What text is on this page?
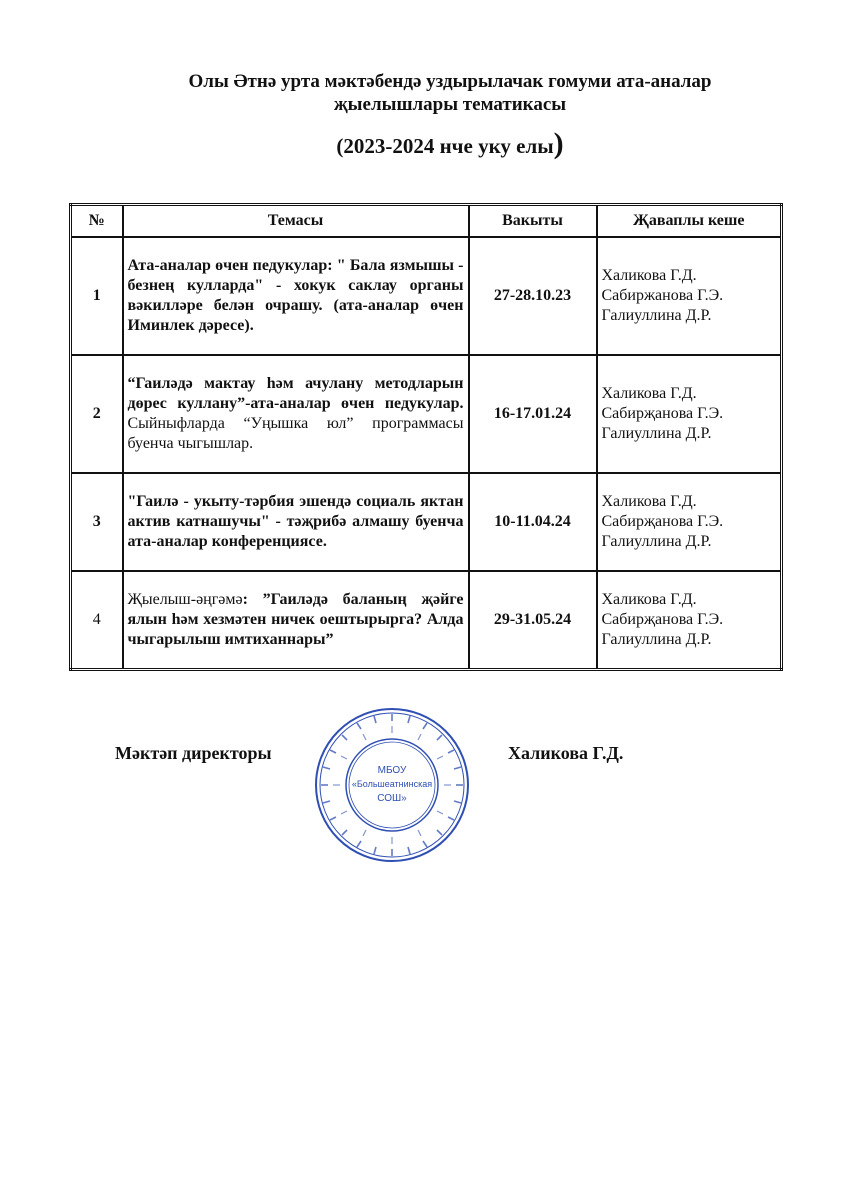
Олы Әтнә урта мәктәбендә уздырылачак гомуми ата-аналар
җыелышлары тематикасы
(2023-2024 нче уку елы)
№	Темасы	Вакыты	Җаваплы кеше
1	Ата-аналар өчен педукулар: " Бала язмышы - безнең кулларда" - хокук саклау органы вәкилләре белән очрашу. (ата-аналар өчен Иминлек дәресе).	27-28.10.23	Халикова Г.Д.
Сабиржанова Г.Э.
Галиуллина Д.Р.

2	“Гаиләдә мактау һәм ачулану методларын дөрес куллану”-ата-аналар өчен педукулар. Сыйныфларда “Уңышка юл” программасы буенча чыгышлар.	16-17.01.24	Халикова Г.Д.
Сабирҗанова Г.Э.
Галиуллина Д.Р.

3	"Гаилә - укыту-тәрбия эшендә социаль яктан актив катнашучы" - тәҗрибә алмашу буенча ата-аналар конференциясе.	10-11.04.24	Халикова Г.Д.
Сабирҗанова Г.Э.
Галиуллина Д.Р.

4	Җыелыш-әңгәмә: ”Гаиләдә баланың җәйге ялын һәм хезмәтен ничек оештырырга? Алда чыгарылыш имтиханнары”	29-31.05.24	Халикова Г.Д.
Сабирҗанова Г.Э.
Галиуллина Д.Р.
Мәктәп директоры	Халикова Г.Д.
МБОУ
«Большеатнинская
СОШ»
